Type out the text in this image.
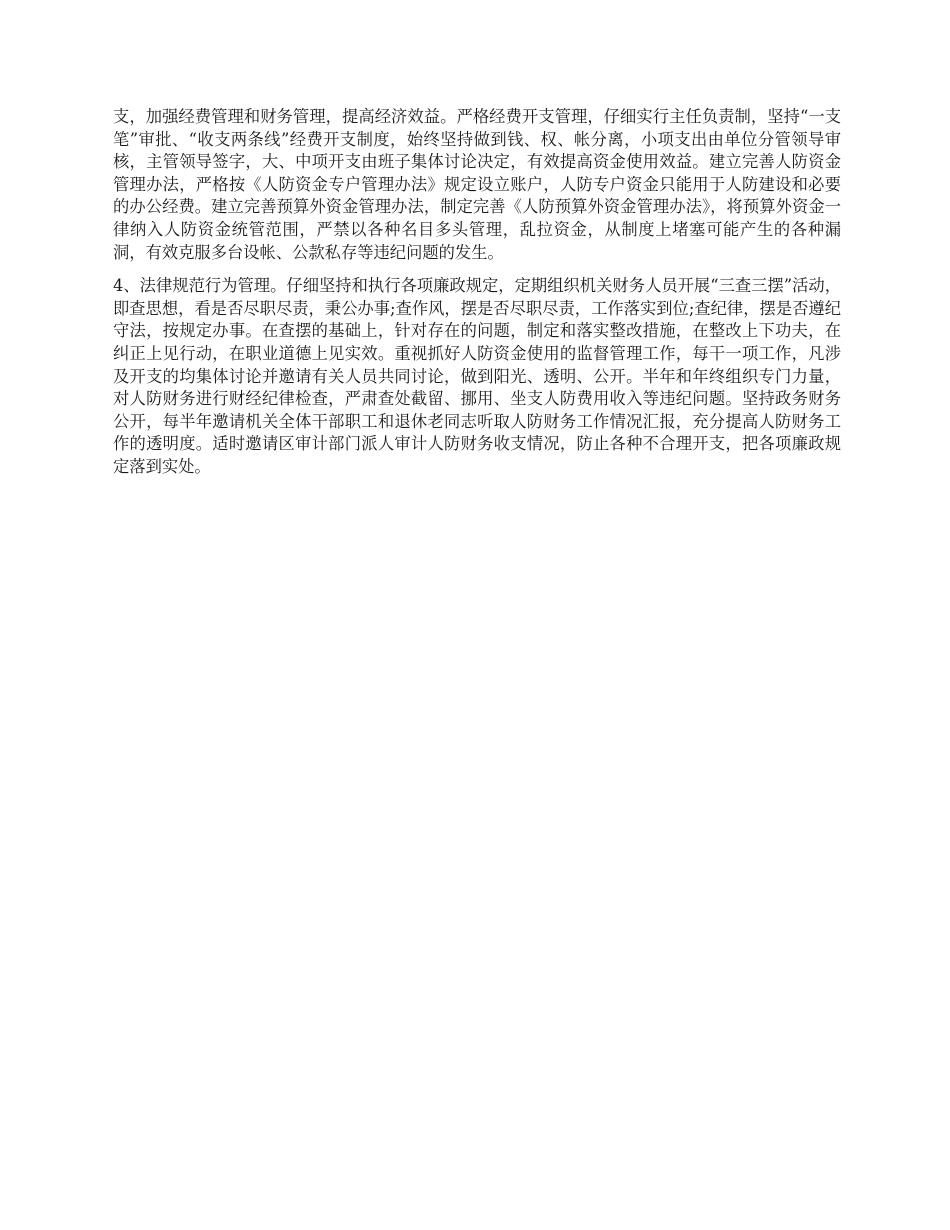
支，加强经费管理和财务管理，提高经济效益。严格经费开支管理，仔细实行主任负责制，坚持“一支笔”审批、“收支两条线”经费开支制度，始终坚持做到钱、权、帐分离，小项支出由单位分管领导审核，主管领导签字，大、中项开支由班子集体讨论决定，有效提高资金使用效益。建立完善人防资金管理办法，严格按《人防资金专户管理办法》规定设立账户，人防专户资金只能用于人防建设和必要的办公经费。建立完善预算外资金管理办法，制定完善《人防预算外资金管理办法》，将预算外资金一律纳入人防资金统管范围，严禁以各种名目多头管理，乱拉资金，从制度上堵塞可能产生的各种漏洞，有效克服多台设帐、公款私存等违纪问题的发生。

4、法律规范行为管理。仔细坚持和执行各项廉政规定，定期组织机关财务人员开展“三查三摆”活动，即查思想，看是否尽职尽责，秉公办事;查作风，摆是否尽职尽责，工作落实到位;查纪律，摆是否遵纪守法，按规定办事。在查摆的基础上，针对存在的问题，制定和落实整改措施，在整改上下功夫，在纠正上见行动，在职业道德上见实效。重视抓好人防资金使用的监督管理工作，每干一项工作，凡涉及开支的均集体讨论并邀请有关人员共同讨论，做到阳光、透明、公开。半年和年终组织专门力量，对人防财务进行财经纪律检查，严肃查处截留、挪用、坐支人防费用收入等违纪问题。坚持政务财务公开，每半年邀请机关全体干部职工和退休老同志听取人防财务工作情况汇报，充分提高人防财务工作的透明度。适时邀请区审计部门派人审计人防财务收支情况，防止各种不合理开支，把各项廉政规定落到实处。
